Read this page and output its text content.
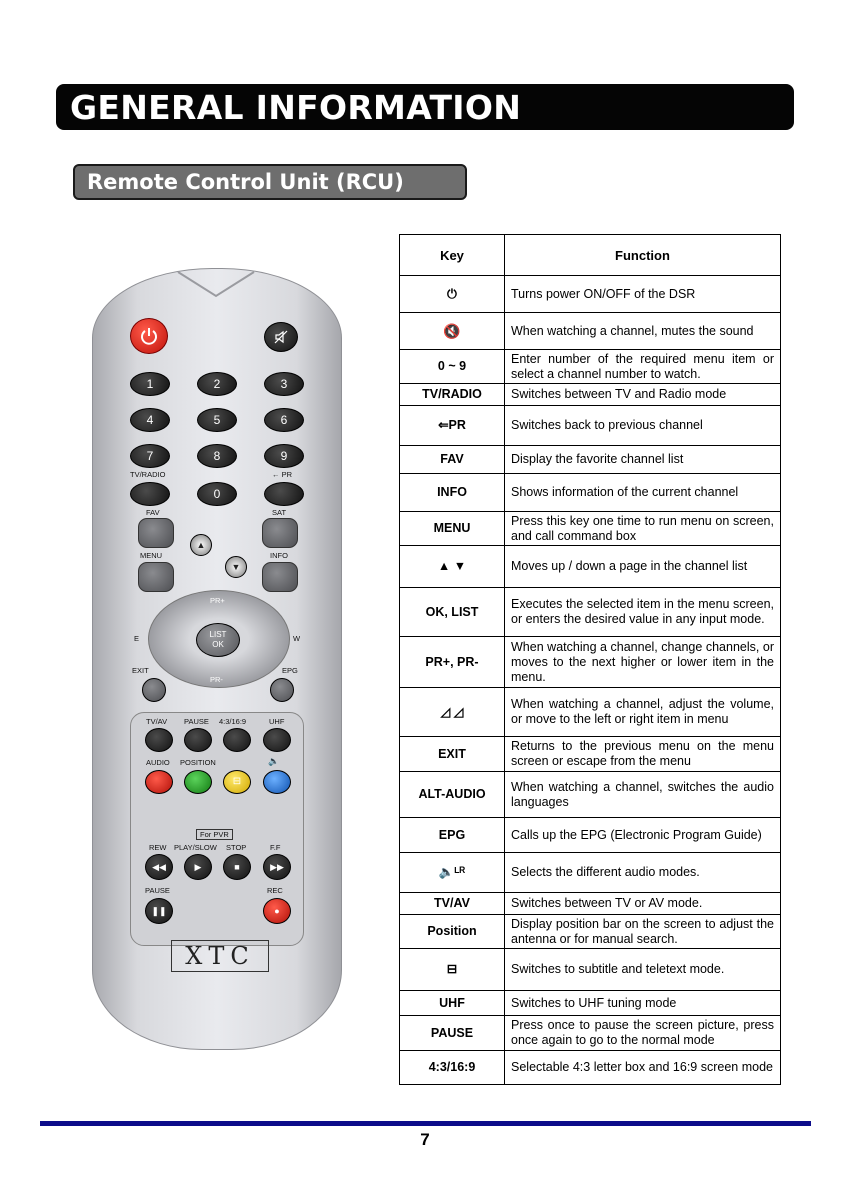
GENERAL INFORMATION
Remote Control Unit (RCU)
1	2	3
4	5	6
7	8	9
TV/RADIO	← PR
0
FAV	SAT
▲
▼
MENU	INFO
PR+
PR-
LIST
OK
E	W
EXIT	EPG
TV/AV PAUSE 4:3/16:9	UHF
AUDIO POSITION	🔈
⊟
For PVR
REW PLAY/SLOW STOP	F.F
◀◀	▶	■	▶▶
PAUSE	REC
❚❚	●
XTC
Key	Function
⏻	Turns power ON/OFF of the DSR
🔇	When watching a channel, mutes the sound
0 ~ 9	Enter number of the required menu item or select a channel number to watch.
TV/RADIO	Switches between TV and Radio mode
⇐PR	Switches back to previous channel
FAV	Display the favorite channel list
INFO	Shows information of the current channel
MENU	Press this key one time to run menu on screen, and call command box
▲ ▼	Moves up / down a page in the channel list
OK, LIST	Executes the selected item in the menu screen, or enters the desired value in any input mode.
PR+, PR-	When watching a channel, change channels, or moves to the next higher or lower item in the menu.
◿ ◿	When watching a channel, adjust the volume, or move to the left or right item in menu
EXIT	Returns to the previous menu on the menu screen or escape from the menu
ALT-AUDIO	When watching a channel, switches the audio languages
EPG	Calls up the EPG (Electronic Program Guide)
🔈ᴸᴿ	Selects the different audio modes.
TV/AV	Switches between TV or AV mode.
Position	Display position bar on the screen to adjust the antenna or for manual search.
⊟	Switches to subtitle and teletext mode.
UHF	Switches to UHF tuning mode
PAUSE	Press once to pause the screen picture, press once again to go to the normal mode
4:3/16:9	Selectable 4:3 letter box and 16:9 screen mode
7
